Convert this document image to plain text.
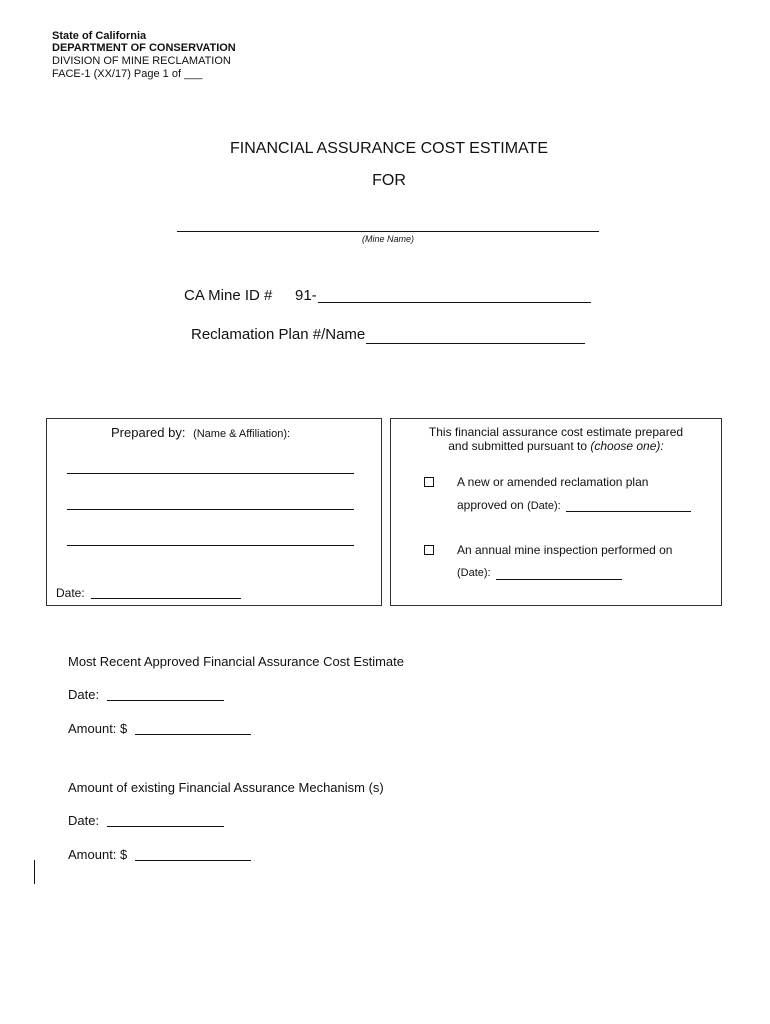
State of California
DEPARTMENT OF CONSERVATION
DIVISION OF MINE RECLAMATION
FACE-1 (XX/17) Page 1 of ___
FINANCIAL ASSURANCE COST ESTIMATE
FOR
(Mine Name)
CA Mine ID # 91-
Reclamation Plan #/Name
Prepared by: (Name & Affiliation):
Date:
This financial assurance cost estimate prepared
and submitted pursuant to (choose one):
A new or amended reclamation plan
approved on (Date):
An annual mine inspection performed on
(Date):
Most Recent Approved Financial Assurance Cost Estimate
Date:
Amount: $
Amount of existing Financial Assurance Mechanism (s)
Date:
Amount: $
